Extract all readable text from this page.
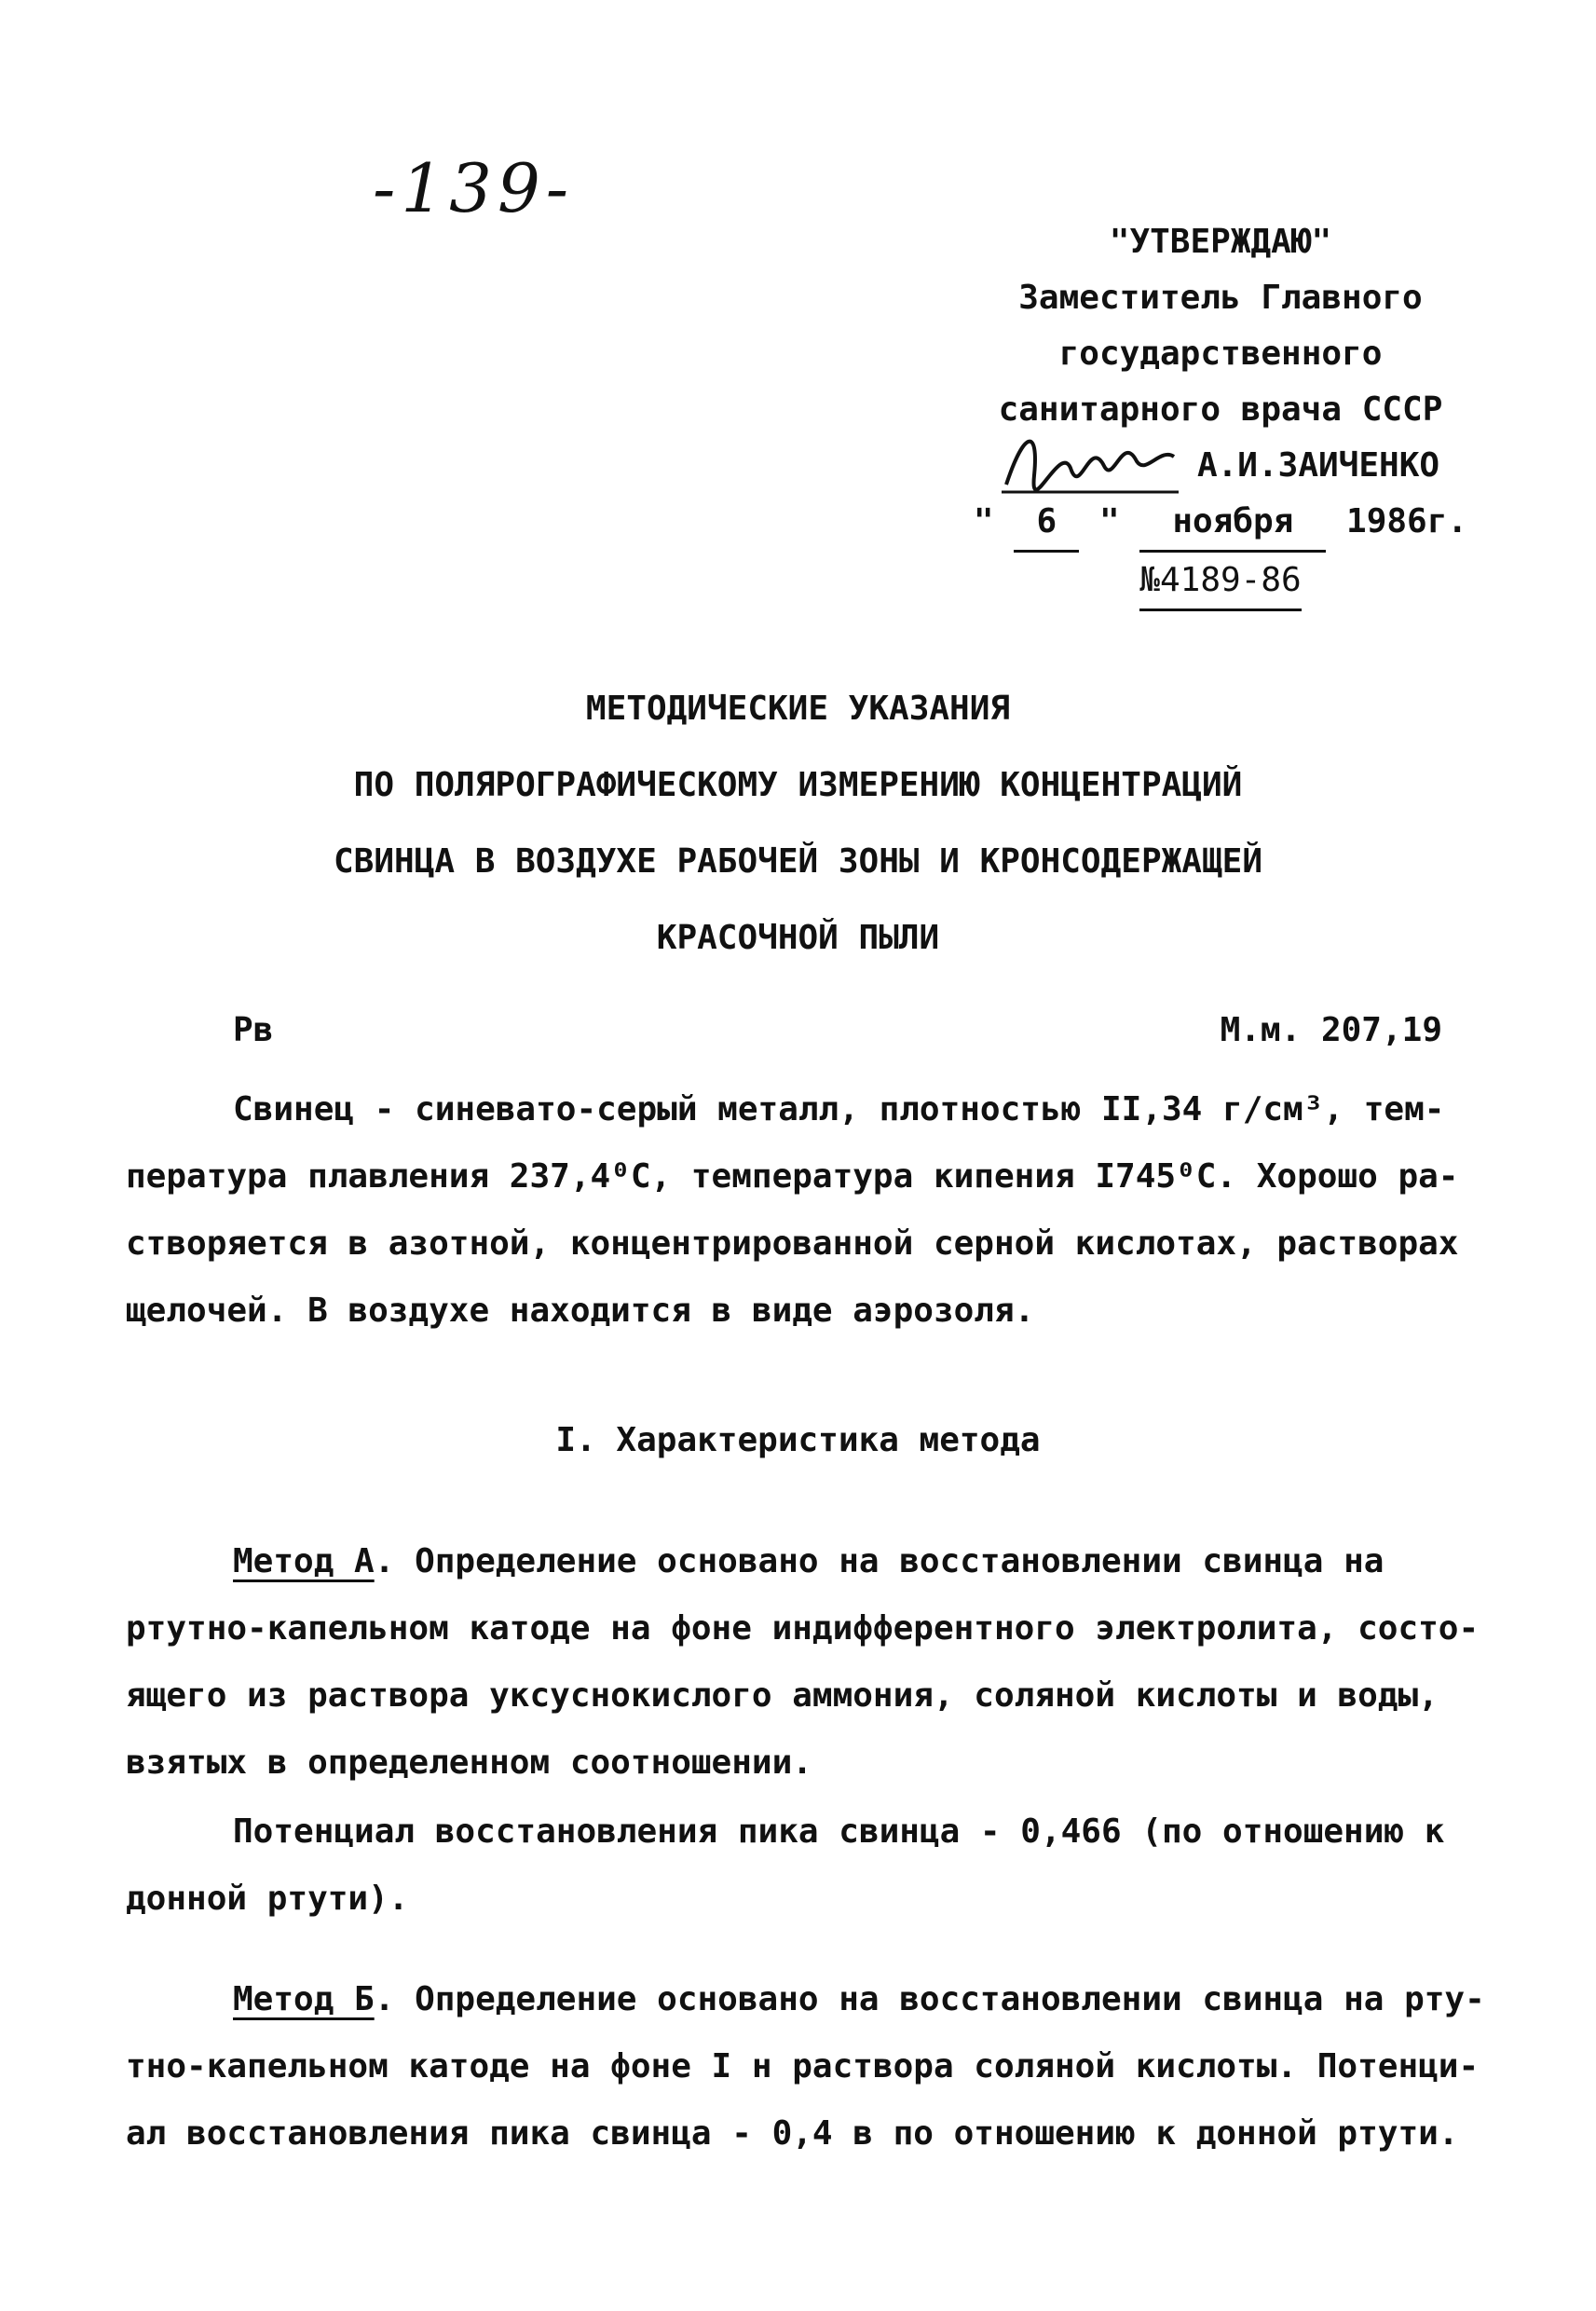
-139-
"УТВЕРЖДАЮ"
Заместитель Главного
государственного
санитарного врача СССР
А.И.ЗАИЧЕНКО
" 6 " ноября 1986г.
№4189-86
МЕТОДИЧЕСКИЕ УКАЗАНИЯ
ПО ПОЛЯРОГРАФИЧЕСКОМУ ИЗМЕРЕНИЮ КОНЦЕНТРАЦИЙ
СВИНЦА В ВОЗДУХЕ РАБОЧЕЙ ЗОНЫ И КРОНСОДЕРЖАЩЕЙ
КРАСОЧНОЙ ПЫЛИ
Pв	М.м. 207,19
Свинец - синевато-серый металл, плотностью II,34 г/см³, тем-
пература плавления 237,4⁰С, температура кипения I745⁰С. Хорошо ра-
створяется в азотной, концентрированной серной кислотах, растворах
щелочей. В воздухе находится в виде аэрозоля.
I. Характеристика метода
Метод А. Определение основано на восстановлении свинца на
ртутно-капельном катоде на фоне индифферентного электролита, состо-
ящего из раствора уксуснокислого аммония, соляной кислоты и воды,
взятых в определенном соотношении.
Потенциал восстановления пика свинца - 0,466 (по отношению к
донной ртути).
Метод Б. Определение основано на восстановлении свинца на рту-
тно-капельном катоде на фоне I н раствора соляной кислоты. Потенци-
ал восстановления пика свинца - 0,4 в по отношению к донной ртути.
